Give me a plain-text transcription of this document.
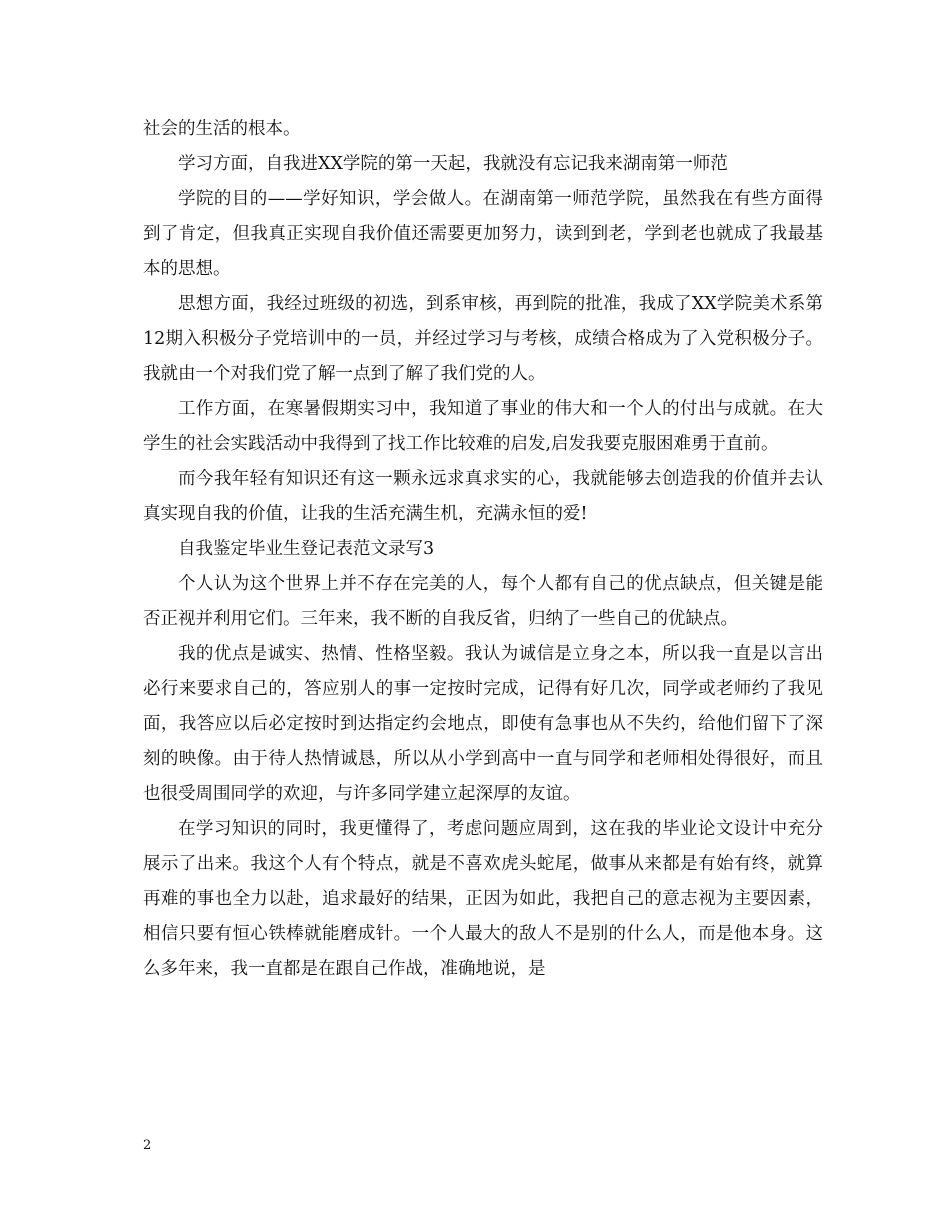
社会的生活的根本。

学习方面，自我进XX学院的第一天起，我就没有忘记我来湖南第一师范

学院的目的——学好知识，学会做人。在湖南第一师范学院，虽然我在有些方面得到了肯定，但我真正实现自我价值还需要更加努力，读到到老，学到老也就成了我最基本的思想。

思想方面，我经过班级的初选，到系审核，再到院的批准，我成了XX学院美术系第12期入积极分子党培训中的一员，并经过学习与考核，成绩合格成为了入党积极分子。我就由一个对我们党了解一点到了解了我们党的人。

工作方面，在寒暑假期实习中，我知道了事业的伟大和一个人的付出与成就。在大学生的社会实践活动中我得到了找工作比较难的启发,启发我要克服困难勇于直前。

而今我年轻有知识还有这一颗永远求真求实的心，我就能够去创造我的价值并去认真实现自我的价值，让我的生活充满生机，充满永恒的爱!

自我鉴定毕业生登记表范文录写3

个人认为这个世界上并不存在完美的人，每个人都有自己的优点缺点，但关键是能否正视并利用它们。三年来，我不断的自我反省，归纳了一些自己的优缺点。

我的优点是诚实、热情、性格坚毅。我认为诚信是立身之本，所以我一直是以言出必行来要求自己的，答应别人的事一定按时完成，记得有好几次，同学或老师约了我见面，我答应以后必定按时到达指定约会地点，即使有急事也从不失约，给他们留下了深刻的映像。由于待人热情诚恳，所以从小学到高中一直与同学和老师相处得很好，而且也很受周围同学的欢迎，与许多同学建立起深厚的友谊。

在学习知识的同时，我更懂得了，考虑问题应周到，这在我的毕业论文设计中充分展示了出来。我这个人有个特点，就是不喜欢虎头蛇尾，做事从来都是有始有终，就算再难的事也全力以赴，追求最好的结果，正因为如此，我把自己的意志视为主要因素，相信只要有恒心铁棒就能磨成针。一个人最大的敌人不是别的什么人，而是他本身。这么多年来，我一直都是在跟自己作战，准确地说，是

2
